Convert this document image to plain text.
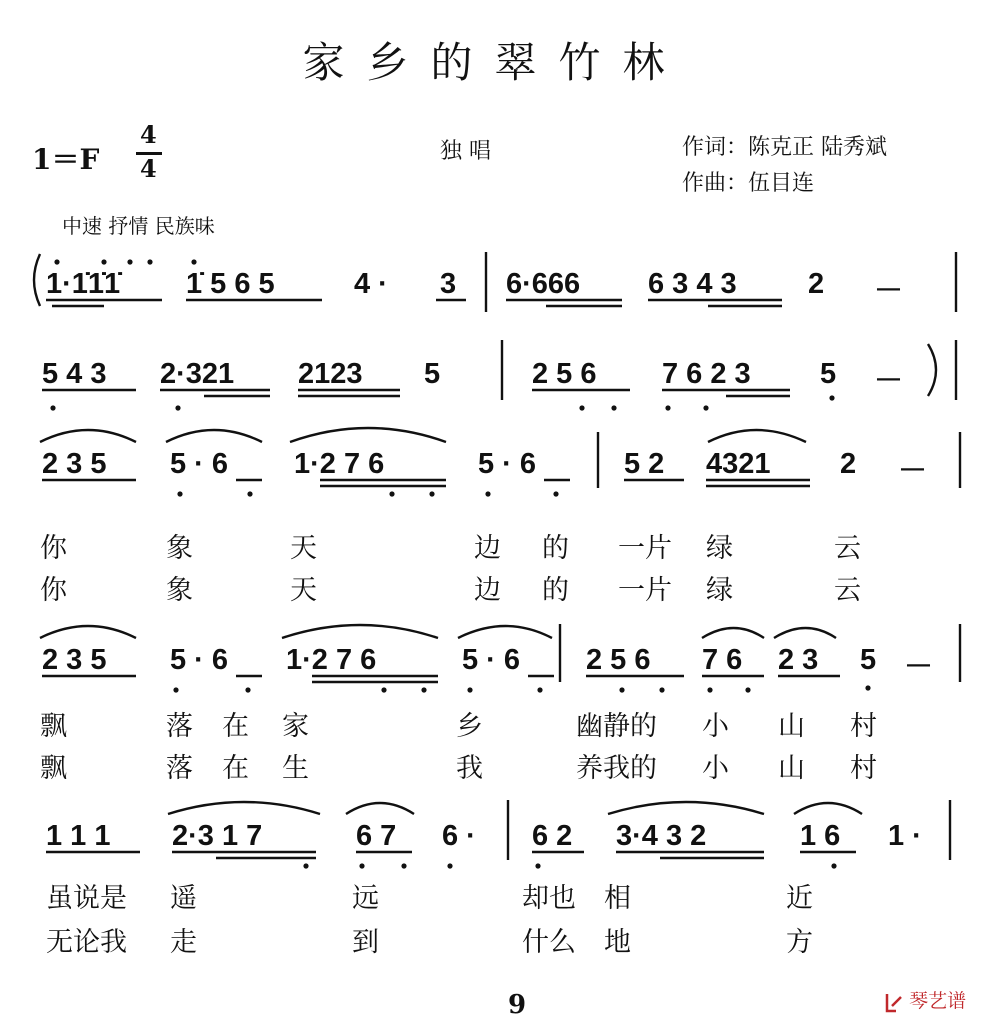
家乡的翠竹林
1＝F
4
4
独 唱	作词：陈克正 陆秀斌
作曲：伍目连
中速 抒情 民族味
1·1̇1̇1̇ 1̇ 5 6 5	4 · 3 6·666 6 3 4 3 2 －
5 4 3 2·321 2123 5	2 5 6 7 6 2 3 5 －
2 3 5 5 · 6 1·2 7 6	5 · 6	5 2 4321 2 －
你	象	天	边 的 一片 绿	云
你	象	天	边 的 一片 绿	云
2 3 5 5 · 6 1·2 7 6	5 · 6 2 5 6 7 6 2 3 5 －
飘	落 在 家	乡	幽静的 小 山 村
飘	落 在 生	我	养我的 小 山 村
1 1 1 2·3 1 7	6 7 6 · 6 2 3·4 3 2	1 6 1 ·
虽说是 遥	远	却也 相	近
无论我 走	到	什么 地	方
9	琴艺谱
